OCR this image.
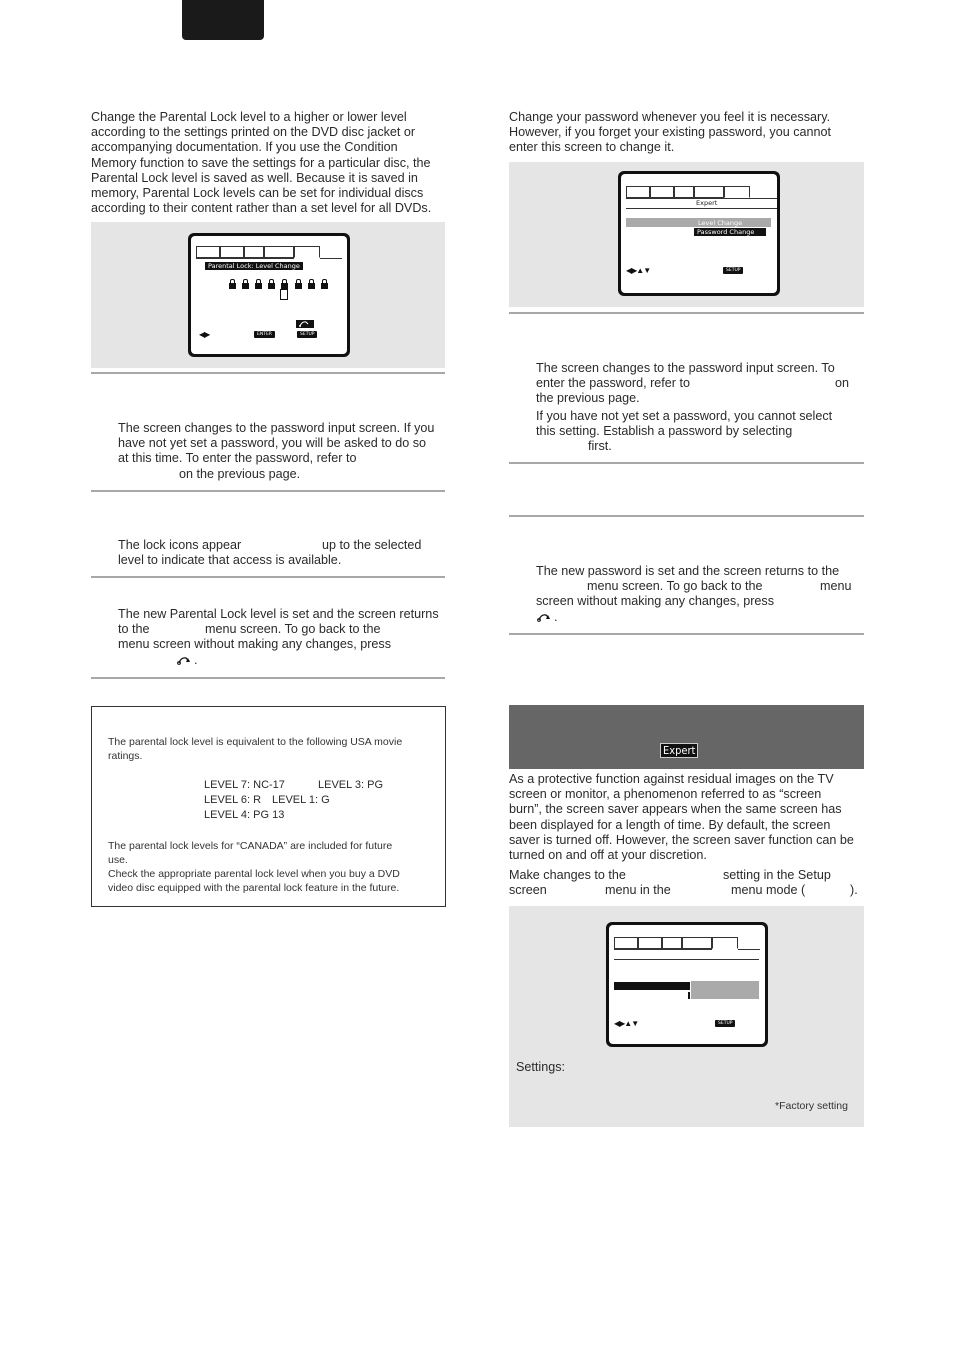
Change the Parental Lock level to a higher or lower level
according to the settings printed on the DVD disc jacket or
accompanying documentation. If you use the Condition
Memory function to save the settings for a particular disc, the
Parental Lock level is saved as well. Because it is saved in
memory, Parental Lock levels can be set for individual discs
according to their content rather than a set level for all DVDs.
Parental Lock: Level Change
◀▶	ENTER	SETUP
The screen changes to the password input screen. If you
have not yet set a password, you will be asked to do so
at this time. To enter the password, refer to
on the previous page.
The lock icons appear	up to the selected
level to indicate that access is available.
The new Parental Lock level is set and the screen returns
to the	menu screen. To go back to the
menu screen without making any changes, press
.
The parental lock level is equivalent to the following USA movie
ratings.
LEVEL 7: NC-17	LEVEL 3: PG
LEVEL 6: R LEVEL 1: G
LEVEL 4: PG 13
The parental lock levels for “CANADA” are included for future
use.
Check the appropriate parental lock level when you buy a DVD
video disc equipped with the parental lock feature in the future.
Change your password whenever you feel it is necessary.
However, if you forget your existing password, you cannot
enter this screen to change it.
Expert
Level Change
Password Change
◀▶▲▼	SETUP
The screen changes to the password input screen. To
enter the password, refer to	on
the previous page.
If you have not yet set a password, you cannot select
this setting. Establish a password by selecting
first.
The new password is set and the screen returns to the
menu screen. To go back to the	menu
screen without making any changes, press
.
Expert
As a protective function against residual images on the TV
screen or monitor, a phenomenon referred to as “screen
burn”, the screen saver appears when the same screen has
been displayed for a length of time. By default, the screen
saver is turned off. However, the screen saver function can be
turned on and off at your discretion.
Make changes to the	setting in the Setup
screen	menu in the	menu mode (	).
◀▶▲▼	SETUP
Settings:
*Factory setting
